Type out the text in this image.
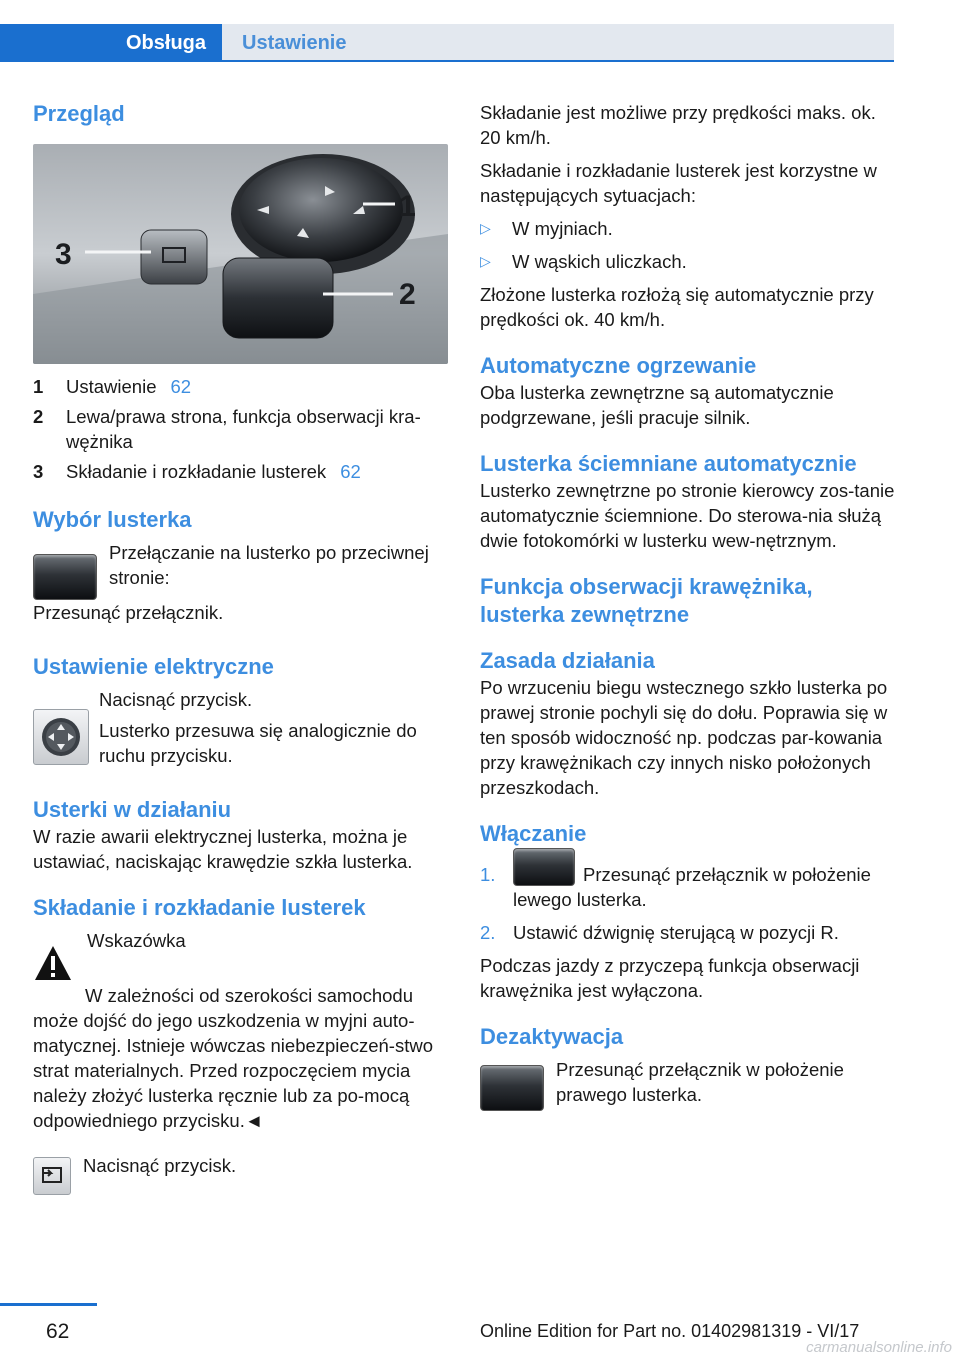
Obsługa	Ustawienie
Przegląd
1
2
3
1	Ustawienie 62
2	Lewa/prawa strona, funkcja obserwacji kra-wężnika
3	Składanie i rozkładanie lusterek 62
Wybór lusterka

Przełączanie na lusterko po przeciwnej stronie:

Przesunąć przełącznik.

Ustawienie elektryczne

Nacisnąć przycisk.

Lusterko przesuwa się analogicznie do ruchu przycisku.

Usterki w działaniu

W razie awarii elektrycznej lusterka, można je ustawiać, naciskając krawędzie szkła lusterka.

Składanie i rozkładanie lusterek

Wskazówka

W zależności od szerokości samochodu może dojść do jego uszkodzenia w myjni auto-matycznej. Istnieje wówczas niebezpieczeń-stwo strat materialnych. Przed rozpoczęciem mycia należy złożyć lusterka ręcznie lub za po-mocą odpowiedniego przycisku.◄

Nacisnąć przycisk.

Składanie jest możliwe przy prędkości maks. ok. 20 km/h.

Składanie i rozkładanie lusterek jest korzystne w następujących sytuacjach:

▷	W myjniach.
▷	W wąskich uliczkach.

Złożone lusterka rozłożą się automatycznie przy prędkości ok. 40 km/h.

Automatyczne ogrzewanie

Oba lusterka zewnętrzne są automatycznie podgrzewane, jeśli pracuje silnik.

Lusterka ściemniane automatycznie

Lusterko zewnętrzne po stronie kierowcy zos-tanie automatycznie ściemnione. Do sterowa-nia służą dwie fotokomórki w lusterku wew-nętrznym.

Funkcja obserwacji krawężnika, lusterka zewnętrzne
Zasada działania

Po wrzuceniu biegu wstecznego szkło lusterka po prawej stronie pochyli się do dołu. Poprawia się w ten sposób widoczność np. podczas par-kowania przy krawężnikach czy innych nisko położonych przeszkodach.

Włączanie
1.	Przesunąć przełącznik w położenie lewego lusterka.
2. Ustawić dźwignię sterującą w pozycji R.

Podczas jazdy z przyczepą funkcja obserwacji krawężnika jest wyłączona.

Dezaktywacja

Przesunąć przełącznik w położenie prawego lusterka.

62	Online Edition for Part no. 01402981319 - VI/17
carmanualsonline.info
